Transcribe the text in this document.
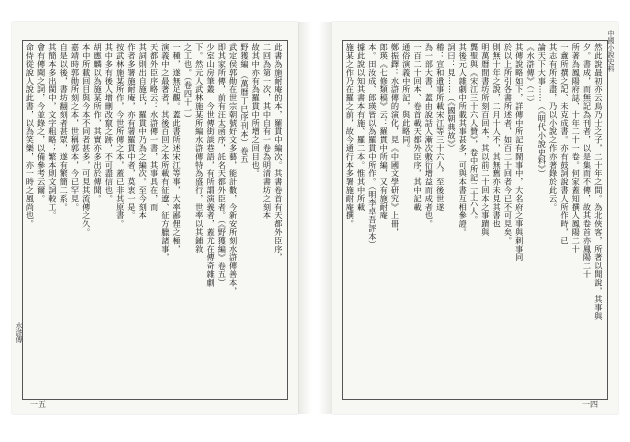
中國小說史料
然此說最初亦云鳥乃士之子，二十年之間。為北俠客，所著以聞說，其事與
夕。書成，而無記為刊者，以是集而不傳，故其卷首亦鳳陽二十
所著為鳳陽府誌、十年二十一卷。何家蓋知撰人鳳陽二十
一盦所撰之記、未克成書。亦有鼓詞說書人所作時，已
其志有所未盡，乃以小說之作亦著錄於此云。
論天下大事……（《明代小說史料》）
《水滸傳》（二）
其傳說略如下，詳傳中所記有鬧事中，大名府之事與刺事同
於以上所引各書所述者，如百二十回者今已不可見矣。
則無十年之說，二月十人不，其無舊亦未見其書也
明萬曆間書坊所刻百回本，其以前二十回本之事蹟與
龔聖與《宋江三十六人贊》，卷中所記二十六人。
其後元人雜劇中所載其事甚多，可與本書互相參證。
詞曰：見……（《國朝典故》）
稽：宣和遺事所載宋江等三十六人，至後世遂
為一部大書，蓋由說話人漸次敷衍增益而成者也。
一百二十回本、卷首載天都外臣序，其中記載
通俗演義中所記，與此略同。
鄭振鐸：水滸傳的演化，見《中國文學研究》上冊，
郎瑛《七修類稿》云：羅貫中所編，又有施耐庵
本。田汝成、郎瑛皆以為羅貫中所作。（明李卓吾評本）
據此說以知其書本有施、羅二本。惟其中所載
施某之作乃在羅之前，故今通行本多署施耐庵撰。
一四
水滸傳
此書為施耐庵的本，羅貫中編次。其書卷首有天都外臣序，
二回為第一次，其中自有一卷為明清書坊之刻本
故其中亦有為羅貫中所增之回目也。
野獲編 （萬曆丁巳序刊本）卷五
武定侯郭勛在世宗朝號好文多藝，能計數，今新安所刻水滸傳善本，
即其家所傳，前有汪太函序，託名天都外臣者。（《野獲編》卷五）
少室山房筆叢　今世傳街談巷語，有所謂演義者，蓋尤在傳奇雜劇
下。然元人武林施某所編水滸傳特為盛行，世率以其鋪敘
之工也。（卷四十一）
一種，遂無足觀。蓋此書所述宋江等事，大率鄙俚之極，
演義中之最著者，其後百回之本所載有征遼、征方臘諸事，
天都外臣序略云：水滸傳一書，其事具在，而
其詞則出自施氏，羅貫中乃為之編次。至今刻本
作者多署施耐庵，亦有署羅貫中者，莫衷一是。
按武林施某所作，今世所傳之本，蓋已非其原書。
其中多有後人增刪改竄之跡，不可盡信也。
胡應麟以為施某所作，其實亦多出於傳聞。
本中所載回目與今本不同者甚多，可見其流傳之久。
嘉靖時郭勛所刻之本，世稱郭本，今已罕見。
自是以後，書坊翻刻者甚眾，遂有繁簡二系。
其簡本多出閩中，文字粗略；繁本則文詞較工。
會有傳聞之詞，今並錄之，以備參考云爾。
命侍從說人說此書，以為笑樂，亦一時之風尚也。
一五
